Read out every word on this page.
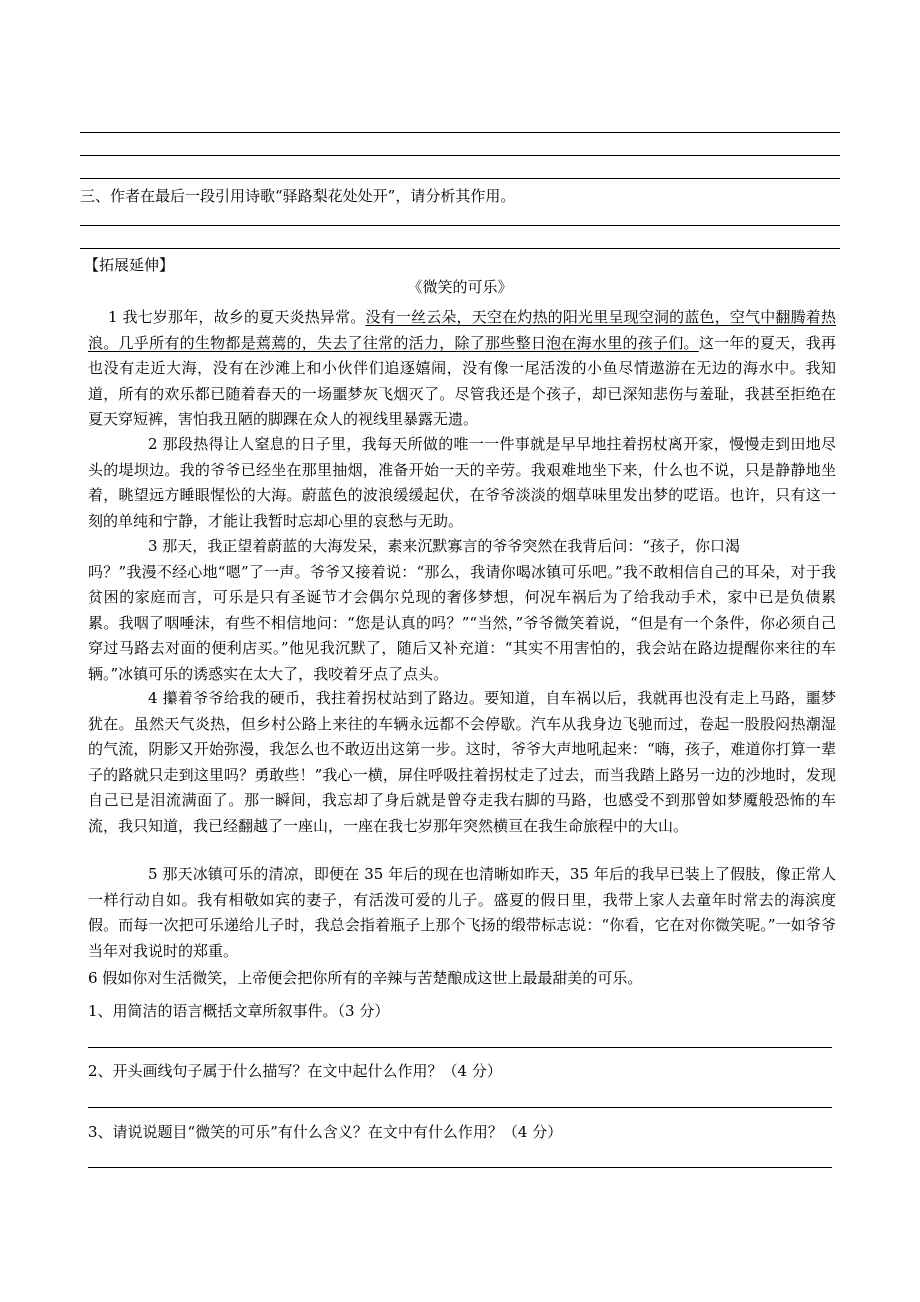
三、作者在最后一段引用诗歌“驿路梨花处处开”，请分析其作用。
【拓展延伸】
《微笑的可乐》
1 我七岁那年，故乡的夏天炎热异常。没有一丝云朵，天空在灼热的阳光里呈现空洞的蓝色，空气中翻腾着热浪。几乎所有的生物都是蔫蔫的，失去了往常的活力，除了那些整日泡在海水里的孩子们。这一年的夏天，我再也没有走近大海，没有在沙滩上和小伙伴们追逐嬉闹，没有像一尾活泼的小鱼尽情遨游在无边的海水中。我知道，所有的欢乐都已随着春天的一场噩梦灰飞烟灭了。尽管我还是个孩子，却已深知悲伤与羞耻，我甚至拒绝在夏天穿短裤，害怕我丑陋的脚踝在众人的视线里暴露无遗。
2 那段热得让人窒息的日子里，我每天所做的唯一一件事就是早早地拄着拐杖离开家，慢慢走到田地尽头的堤坝边。我的爷爷已经坐在那里抽烟，准备开始一天的辛劳。我艰难地坐下来，什么也不说，只是静静地坐着，眺望远方睡眼惺忪的大海。蔚蓝色的波浪缓缓起伏，在爷爷淡淡的烟草味里发出梦的呓语。也许，只有这一刻的单纯和宁静，才能让我暂时忘却心里的哀愁与无助。
3 那天，我正望着蔚蓝的大海发呆，素来沉默寡言的爷爷突然在我背后问：“孩子，你口渴
吗？”我漫不经心地“嗯”了一声。爷爷又接着说：“那么，我请你喝冰镇可乐吧。”我不敢相信自己的耳朵，对于我贫困的家庭而言，可乐是只有圣诞节才会偶尔兑现的奢侈梦想，何况车祸后为了给我动手术，家中已是负债累累。我咽了咽唾沫，有些不相信地问：“您是认真的吗？”“当然，”爷爷微笑着说，“但是有一个条件，你必须自己穿过马路去对面的便利店买。”他见我沉默了，随后又补充道：“其实不用害怕的，我会站在路边提醒你来往的车辆。”冰镇可乐的诱惑实在太大了，我咬着牙点了点头。
4 攥着爷爷给我的硬币，我拄着拐杖站到了路边。要知道，自车祸以后，我就再也没有走上马路，噩梦犹在。虽然天气炎热，但乡村公路上来往的车辆永远都不会停歇。汽车从我身边飞驰而过，卷起一股股闷热潮湿的气流，阴影又开始弥漫，我怎么也不敢迈出这第一步。这时，爷爷大声地吼起来：“嗨，孩子，难道你打算一辈子的路就只走到这里吗？勇敢些！”我心一横，屏住呼吸拄着拐杖走了过去，而当我踏上路另一边的沙地时，发现自己已是泪流满面了。那一瞬间，我忘却了身后就是曾夺走我右脚的马路，也感受不到那曾如梦魇般恐怖的车流，我只知道，我已经翻越了一座山，一座在我七岁那年突然横亘在我生命旅程中的大山。
5 那天冰镇可乐的清凉，即便在 35 年后的现在也清晰如昨天，35 年后的我早已装上了假肢，像正常人一样行动自如。我有相敬如宾的妻子，有活泼可爱的儿子。盛夏的假日里，我带上家人去童年时常去的海滨度假。而每一次把可乐递给儿子时，我总会指着瓶子上那个飞扬的缎带标志说：“你看，它在对你微笑呢。”一如爷爷当年对我说时的郑重。
6 假如你对生活微笑，上帝便会把你所有的辛辣与苦楚酿成这世上最最甜美的可乐。
1、用简洁的语言概括文章所叙事件。（3 分）
2、开头画线句子属于什么描写？在文中起什么作用？（4 分）
3、请说说题目“微笑的可乐”有什么含义？在文中有什么作用？（4 分）
